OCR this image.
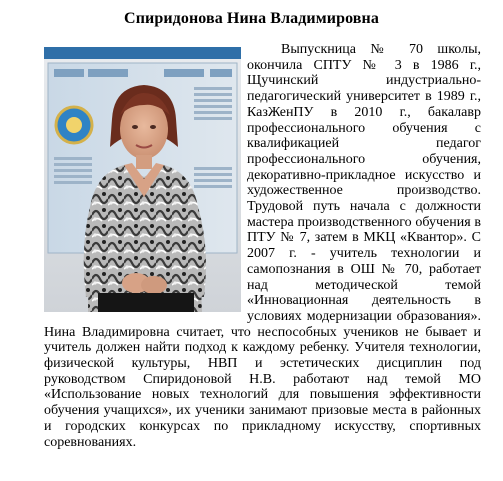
Спиридонова Нина Владимировна
Выпускница № 70 школы, окончила СПТУ № 3 в 1986 г., Щучинский индустриально-педагогический университет в 1989 г., КазЖенПУ в 2010 г., бакалавр профессионального обучения с квалификацией педагог профессионального обучения, декоративно-прикладное искусство и художественное производство. Трудовой путь начала с должности мастера производственного обучения в ПТУ № 7, затем в МКЦ «Квантор». С 2007 г. - учитель технологии и самопознания в ОШ № 70, работает над методической темой «Инновационная деятельность в условиях модернизации образования». Нина Владимировна считает, что неспособных учеников не бывает и учитель должен найти подход к каждому ребенку. Учителя технологии, физической культуры, НВП и эстетических дисциплин под руководством Спиридоновой Н.В. работают над темой МО «Использование новых технологий для повышения эффективности обучения учащихся», их ученики занимают призовые места в районных и городских конкурсах по прикладному искусству, спортивных соревнованиях.
